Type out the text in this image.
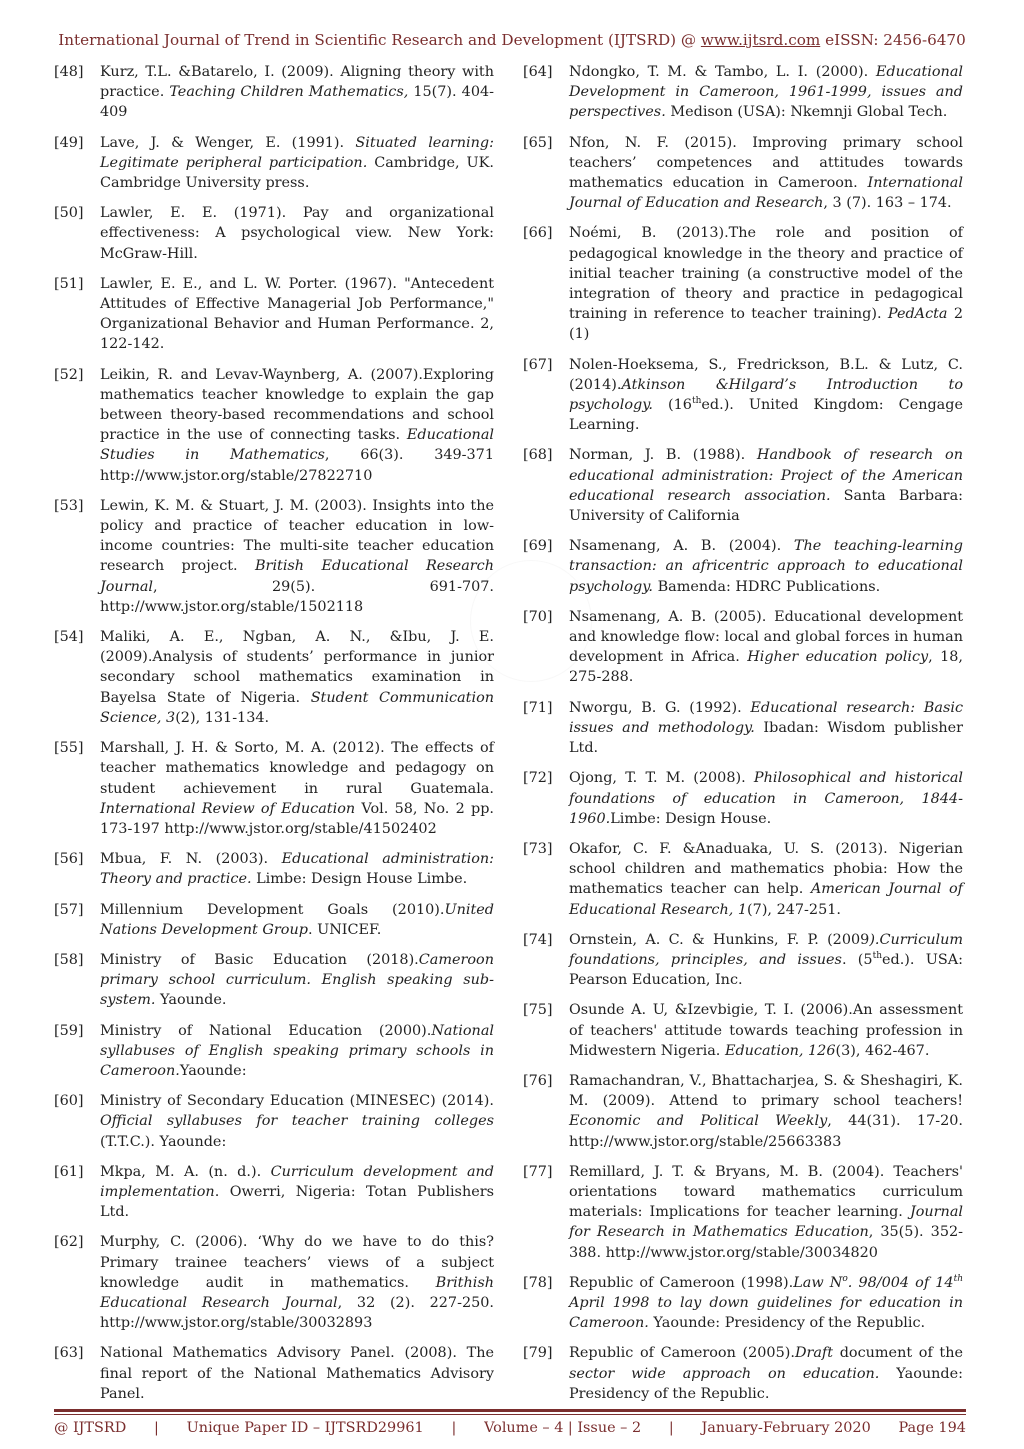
International Journal of Trend in Scientific Research and Development (IJTSRD) @ www.ijtsrd.com eISSN: 2456-6470
[48] Kurz, T.L. &Batarelo, I. (2009). Aligning theory with practice. Teaching Children Mathematics, 15(7). 404-409
[49] Lave, J. & Wenger, E. (1991). Situated learning: Legitimate peripheral participation. Cambridge, UK. Cambridge University press.
[50] Lawler, E. E. (1971). Pay and organizational effectiveness: A psychological view. New York: McGraw-Hill.
[51] Lawler, E. E., and L. W. Porter. (1967). "Antecedent Attitudes of Effective Managerial Job Performance," Organizational Behavior and Human Performance. 2, 122-142.
[52] Leikin, R. and Levav-Waynberg, A. (2007).Exploring mathematics teacher knowledge to explain the gap between theory-based recommendations and school practice in the use of connecting tasks. Educational Studies in Mathematics, 66(3). 349-371 http://www.jstor.org/stable/27822710
[53] Lewin, K. M. & Stuart, J. M. (2003). Insights into the policy and practice of teacher education in low-income countries: The multi-site teacher education research project. British Educational Research Journal, 29(5). 691-707. http://www.jstor.org/stable/1502118
[54] Maliki, A. E., Ngban, A. N., &Ibu, J. E. (2009).Analysis of students’ performance in junior secondary school mathematics examination in Bayelsa State of Nigeria. Student Communication Science, 3(2), 131-134.
[55] Marshall, J. H. & Sorto, M. A. (2012). The effects of teacher mathematics knowledge and pedagogy on student achievement in rural Guatemala. International Review of Education Vol. 58, No. 2 pp. 173-197 http://www.jstor.org/stable/41502402
[56] Mbua, F. N. (2003). Educational administration: Theory and practice. Limbe: Design House Limbe.
[57] Millennium Development Goals (2010).United Nations Development Group. UNICEF.
[58] Ministry of Basic Education (2018).Cameroon primary school curriculum. English speaking sub-system. Yaounde.
[59] Ministry of National Education (2000).National syllabuses of English speaking primary schools in Cameroon.Yaounde:
[60] Ministry of Secondary Education (MINESEC) (2014). Official syllabuses for teacher training colleges (T.T.C.). Yaounde:
[61] Mkpa, M. A. (n. d.). Curriculum development and implementation. Owerri, Nigeria: Totan Publishers Ltd.
[62] Murphy, C. (2006). ‘Why do we have to do this? Primary trainee teachers’ views of a subject knowledge audit in mathematics. Brithish Educational Research Journal, 32 (2). 227-250. http://www.jstor.org/stable/30032893
[63] National Mathematics Advisory Panel. (2008). The final report of the National Mathematics Advisory Panel.
[64] Ndongko, T. M. & Tambo, L. I. (2000). Educational Development in Cameroon, 1961-1999, issues and perspectives. Medison (USA): Nkemnji Global Tech.
[65] Nfon, N. F. (2015). Improving primary school teachers’ competences and attitudes towards mathematics education in Cameroon. International Journal of Education and Research, 3 (7). 163 – 174.
[66] Noémi, B. (2013).The role and position of pedagogical knowledge in the theory and practice of initial teacher training (a constructive model of the integration of theory and practice in pedagogical training in reference to teacher training). PedActa 2 (1)
[67] Nolen-Hoeksema, S., Fredrickson, B.L. & Lutz, C. (2014).Atkinson &Hilgard’s Introduction to psychology. (16thed.). United Kingdom: Cengage Learning.
[68] Norman, J. B. (1988). Handbook of research on educational administration: Project of the American educational research association. Santa Barbara: University of California
[69] Nsamenang, A. B. (2004). The teaching-learning transaction: an africentric approach to educational psychology. Bamenda: HDRC Publications.
[70] Nsamenang, A. B. (2005). Educational development and knowledge flow: local and global forces in human development in Africa. Higher education policy, 18, 275-288.
[71] Nworgu, B. G. (1992). Educational research: Basic issues and methodology. Ibadan: Wisdom publisher Ltd.
[72] Ojong, T. T. M. (2008). Philosophical and historical foundations of education in Cameroon, 1844-1960.Limbe: Design House.
[73] Okafor, C. F. &Anaduaka, U. S. (2013). Nigerian school children and mathematics phobia: How the mathematics teacher can help. American Journal of Educational Research, 1(7), 247-251.
[74] Ornstein, A. C. & Hunkins, F. P. (2009).Curriculum foundations, principles, and issues. (5thed.). USA: Pearson Education, Inc.
[75] Osunde A. U, &Izevbigie, T. I. (2006).An assessment of teachers' attitude towards teaching profession in Midwestern Nigeria. Education, 126(3), 462-467.
[76] Ramachandran, V., Bhattacharjea, S. & Sheshagiri, K. M. (2009). Attend to primary school teachers! Economic and Political Weekly, 44(31). 17-20. http://www.jstor.org/stable/25663383
[77] Remillard, J. T. & Bryans, M. B. (2004). Teachers' orientations toward mathematics curriculum materials: Implications for teacher learning. Journal for Research in Mathematics Education, 35(5). 352-388. http://www.jstor.org/stable/30034820
[78] Republic of Cameroon (1998).Law $N^o$. 98/004 of 14th April 1998 to lay down guidelines for education in Cameroon. Yaounde: Presidency of the Republic.
[79] Republic of Cameroon (2005).Draft document of the sector wide approach on education. Yaounde: Presidency of the Republic.
@ IJTSRD | Unique Paper ID – IJTSRD29961 | Volume – 4 | Issue – 2 | January-February 2020 Page 194
